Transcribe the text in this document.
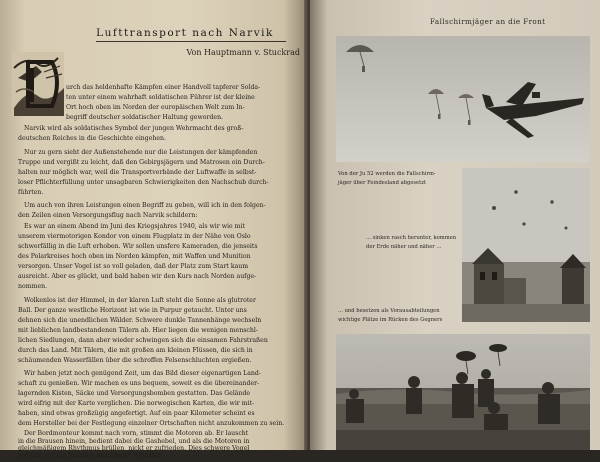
Lufttransport nach Narvik
Von Hauptmann v. Stuckrad
urch das heldenhafte Kämpfen einer Handvoll tapferer Solda-
ten unter einem wahrhaft soldatischen Führer ist der kleine
Ort hoch oben im Norden der europäischen Welt zum In-
begriff deutscher soldatischer Haltung geworden.
Narvik wird als soldatisches Symbol der jungen Wehrmacht des groß-
deutschen Reiches in die Geschichte eingehen.
Nur zu gern sieht der Außenstehende nur die Leistungen der kämpfenden
Truppe und vergißt zu leicht, daß den Gebirgsjägern und Matrosen ein Durch-
halten nur möglich war, weil die Transportverbände der Luftwaffe in selbst-
loser Pflichterfüllung unter unsagbaren Schwierigkeiten den Nachschub durch-
führten.
Um auch von ihren Leistungen einen Begriff zu geben, will ich in den folgen-
den Zeilen einen Versorgungsflug nach Narvik schildern:
Es war an einem Abend im Juni des Kriegsjahres 1940, als wir wie mit
unserem viermotorigen Kondor von einem Flugplatz in der Nähe von Oslo
schwerfällig in die Luft erhoben. Wir sollen unsfere Kameraden, die jenseits
des Polarkreises hoch oben im Norden kämpfen, mit Waffen und Munition
versorgen. Unser Vogel ist so voll geladen, daß der Platz zum Start kaum
ausreicht. Aber es glückt, und bald haben wir den Kurs nach Norden aufge-
nommen.
Wolkenlos ist der Himmel, in der klaren Luft steht die Sonne als glutroter
Ball. Der ganze westliche Horizont ist wie in Purpur getaucht. Unter uns
dehnen sich die unendlichen Wälder. Schwere dunkle Tannenhänge wechseln
mit lieblichen landbestandenen Tälern ab. Hier liegen die wenigen menschl-
lichen Siedlungen, dann aber wieder schwingen sich die einsamen Fahrstraßen
durch das Land. Mit Tälern, die mit großen am kleinen Flüssen, die sich in
schäumenden Wasserfällen über die schroffen Felsenschluchten ergießen.
Wir haben jetzt noch genügend Zeit, um das Bild dieser eigenartigen Land-
schaft zu genießen. Wir machen es uns bequem, soweit es die übereinander-
lagernden Kisten, Säcke und Versorgungsbomben gestatten. Das Gelände
wird eifrig mit der Karte verglichen. Die norwegischen Karten, die wir mit-
haben, sind etwas großzügig angefertigt. Auf ein paar Kilometer scheint es
dem Hersteller bei der Festlegung einzelner Ortschaften nicht anzukommen zu sein.
Der Bordmonteur kommt nach vorn, stimmt die Motoren ab. Er lauscht
in die Brausen hinein, bedient dabei die Gashebel, und als die Motoren in
gleichmäßigem Rhythmus brüllen, nickt er zufrieden. Dies schwere Vogel
soll uns nur für Stunden nicht mehr verlassen.
Fallschirmjäger an die Front
Von der Ju 52 werden die Fallschirm-
jäger über Feindesland abgesetzt
... sinken rasch herunter, kommen
der Erde näher und näher ...
... und besetzen als Vorausabteilungen
wichtige Plätze im Rücken des Gegners
